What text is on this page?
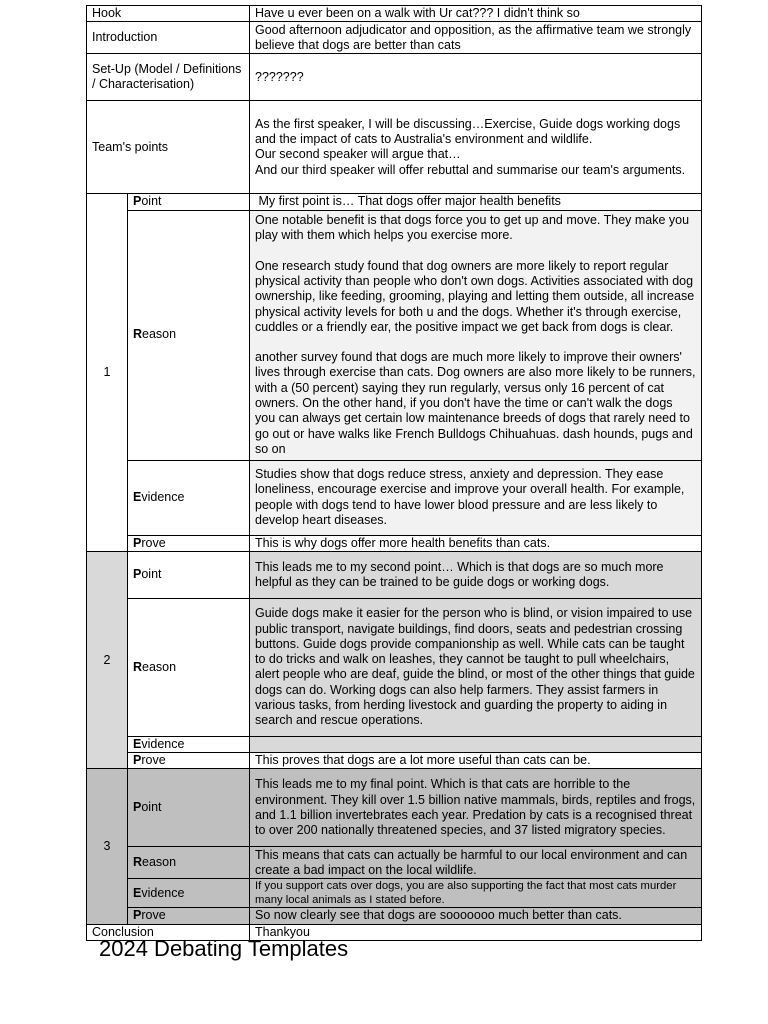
Hook		Have u ever been on a walk with Ur cat??? I didn't think so
Introduction		Good afternoon adjudicator and opposition, as the affirmative team we strongly believe that dogs are better than cats
Set-Up (Model / Definitions / Characterisation)		???????
Team's points		As the first speaker, I will be discussing…Exercise, Guide dogs working dogs and the impact of cats to Australia's environment and wildlife.
Our second speaker will argue that…
And our third speaker will offer rebuttal and summarise our team's arguments.

1	Point	My first point is… That dogs offer major health benefits
	Reason	One notable benefit is that dogs force you to get up and move. They make you play with them which helps you exercise more.
One research study found that dog owners are more likely to report regular physical activity than people who don't own dogs. Activities associated with dog ownership, like feeding, grooming, playing and letting them outside, all increase physical activity levels for both u and the dogs. Whether it's through exercise, cuddles or a friendly ear, the positive impact we get back from dogs is clear.
another survey found that dogs are much more likely to improve their owners' lives through exercise than cats. Dog owners are also more likely to be runners, with a (50 percent) saying they run regularly, versus only 16 percent of cat owners. On the other hand, if you don't have the time or can't walk the dogs you can always get certain low maintenance breeds of dogs that rarely need to go out or have walks like French Bulldogs Chihuahuas. dash hounds, pugs and so on

	Evidence	Studies show that dogs reduce stress, anxiety and depression. They ease loneliness, encourage exercise and improve your overall health. For example, people with dogs tend to have lower blood pressure and are less likely to develop heart diseases.
	Prove	This is why dogs offer more health benefits than cats.
2	Point	This leads me to my second point… Which is that dogs are so much more helpful as they can be trained to be guide dogs or working dogs.
	Reason	Guide dogs make it easier for the person who is blind, or vision impaired to use public transport, navigate buildings, find doors, seats and pedestrian crossing buttons. Guide dogs provide companionship as well. While cats can be taught to do tricks and walk on leashes, they cannot be taught to pull wheelchairs, alert people who are deaf, guide the blind, or most of the other things that guide dogs can do. Working dogs can also help farmers. They assist farmers in various tasks, from herding livestock and guarding the property to aiding in search and rescue operations.
	Evidence	
	Prove	This proves that dogs are a lot more useful than cats can be.
3	Point	This leads me to my final point. Which is that cats are horrible to the environment. They kill over 1.5 billion native mammals, birds, reptiles and frogs, and 1.1 billion invertebrates each year. Predation by cats is a recognised threat to over 200 nationally threatened species, and 37 listed migratory species.
	Reason	This means that cats can actually be harmful to our local environment and can create a bad impact on the local wildlife.
	Evidence	If you support cats over dogs, you are also supporting the fact that most cats murder many local animals as I stated before.
	Prove	So now clearly see that dogs are sooooooo much better than cats.
Conclusion		Thankyou
2024 Debating Templates
